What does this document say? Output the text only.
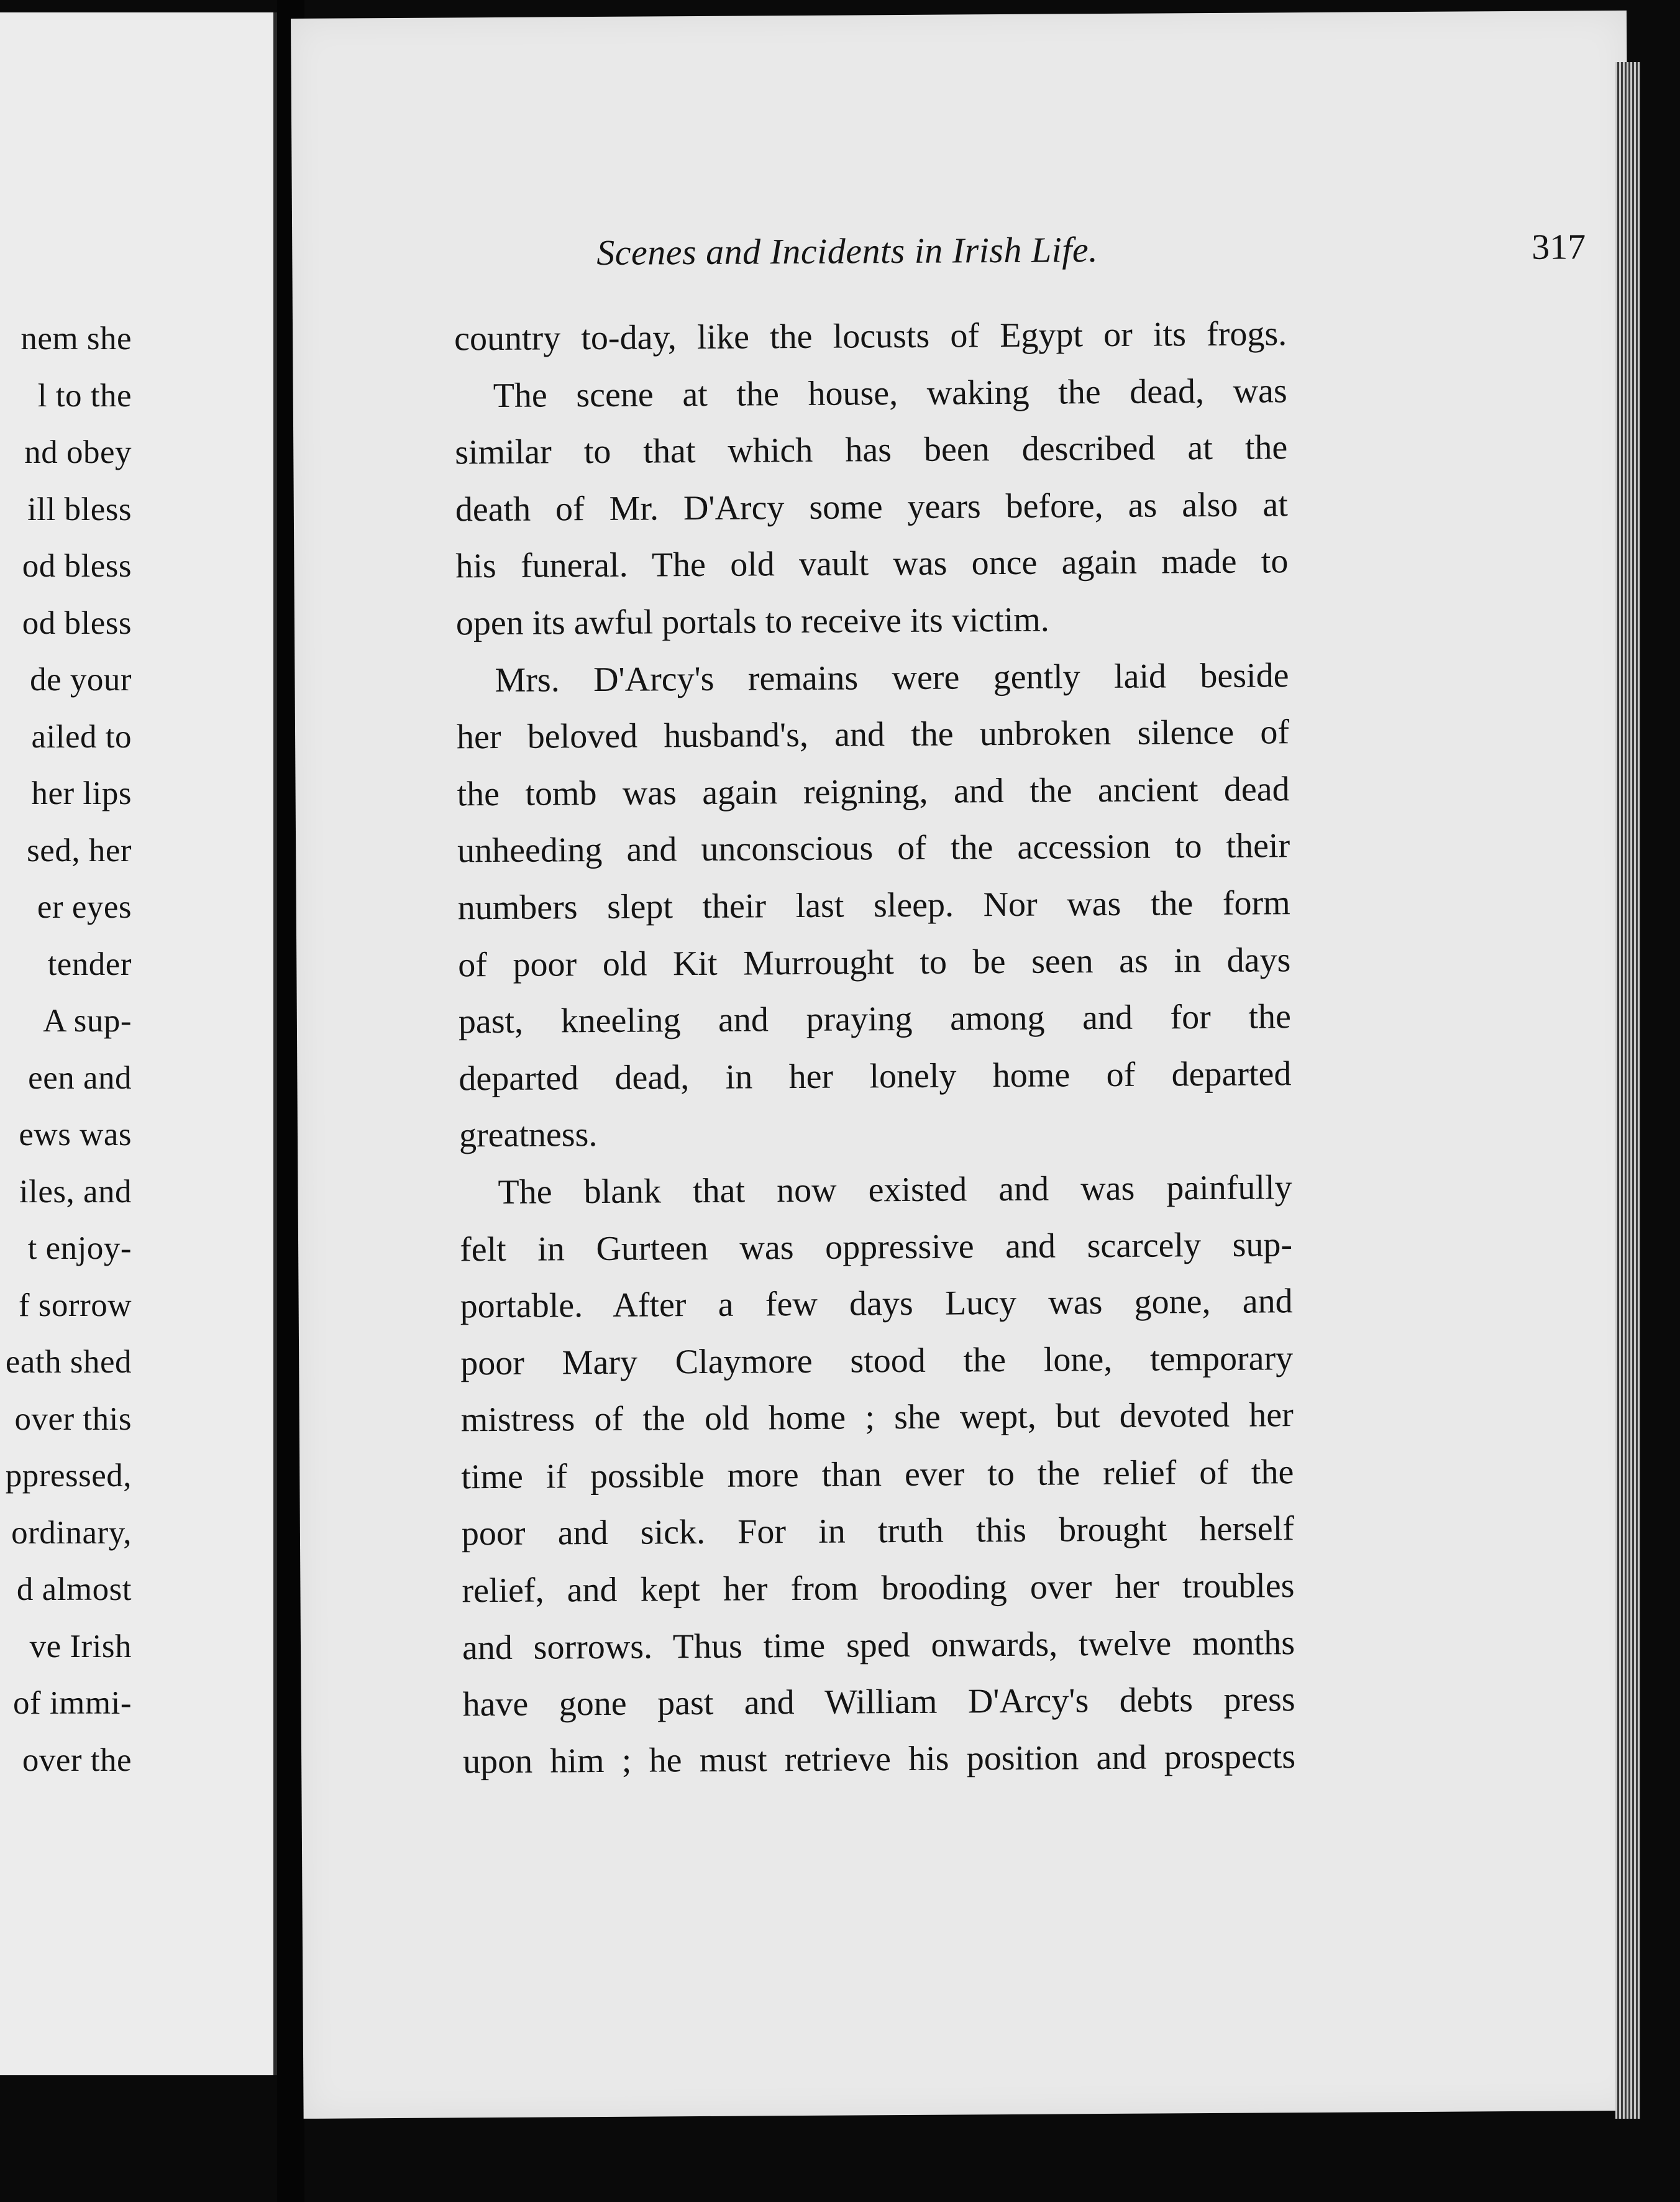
nem she
l to the
nd obey
ill bless
od bless
od bless
de your
ailed to
her lips
sed, her
er eyes
tender
A sup-
een and
ews was
iles, and
t enjoy-
f sorrow
eath shed
over this
ppressed,
ordinary,
d almost
ve Irish
of immi-
over the
Scenes and Incidents in Irish Life.	317
country to-day, like the locusts of Egypt or its frogs.
The scene at the house, waking the dead, was
similar to that which has been described at the
death of Mr. D'Arcy some years before, as also at
his funeral. The old vault was once again made to
open its awful portals to receive its victim.
Mrs. D'Arcy's remains were gently laid beside
her beloved husband's, and the unbroken silence of
the tomb was again reigning, and the ancient dead
unheeding and unconscious of the accession to their
numbers slept their last sleep. Nor was the form
of poor old Kit Murrought to be seen as in days
past, kneeling and praying among and for the
departed dead, in her lonely home of departed
greatness.
The blank that now existed and was painfully
felt in Gurteen was oppressive and scarcely sup-
portable. After a few days Lucy was gone, and
poor Mary Claymore stood the lone, temporary
mistress of the old home ; she wept, but devoted her
time if possible more than ever to the relief of the
poor and sick. For in truth this brought herself
relief, and kept her from brooding over her troubles
and sorrows. Thus time sped onwards, twelve months
have gone past and William D'Arcy's debts press
upon him ; he must retrieve his position and prospects
